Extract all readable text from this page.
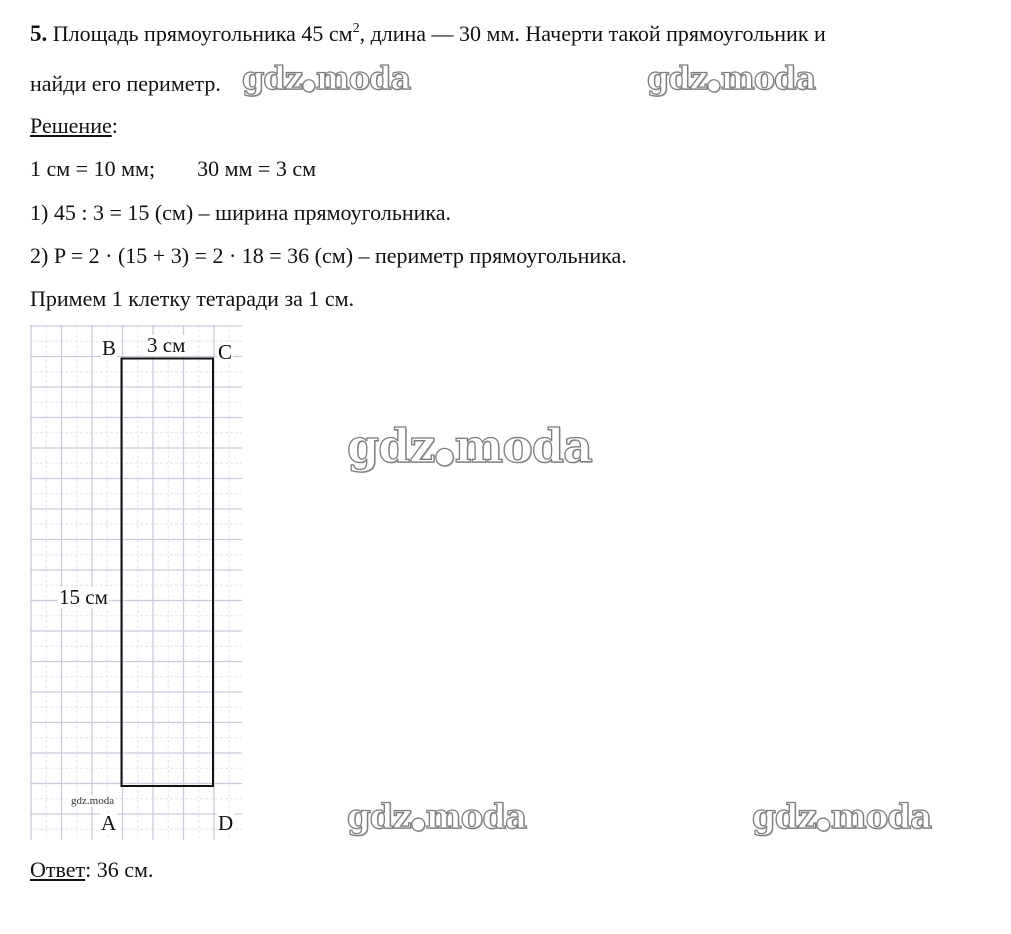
5. Площадь прямоугольника 45 $см^2$, длина — 30 мм. Начерти такой прямоугольник и
найди его периметр.
Решение:
1 см = 10 мм; 30 мм = 3 см
1) 45 : 3 = 15 (см) – ширина прямоугольника.
2) P = 2 · (15 + 3) = 2 · 18 = 36 (см) – периметр прямоугольника.
Примем 1 клетку тетаради за 1 см.
B	C
A	D
3 см
15 см
gdz.moda
Ответ: 36 см.
gdz●moda	gdz●moda
gdz●moda
gdz●moda	gdz●moda
